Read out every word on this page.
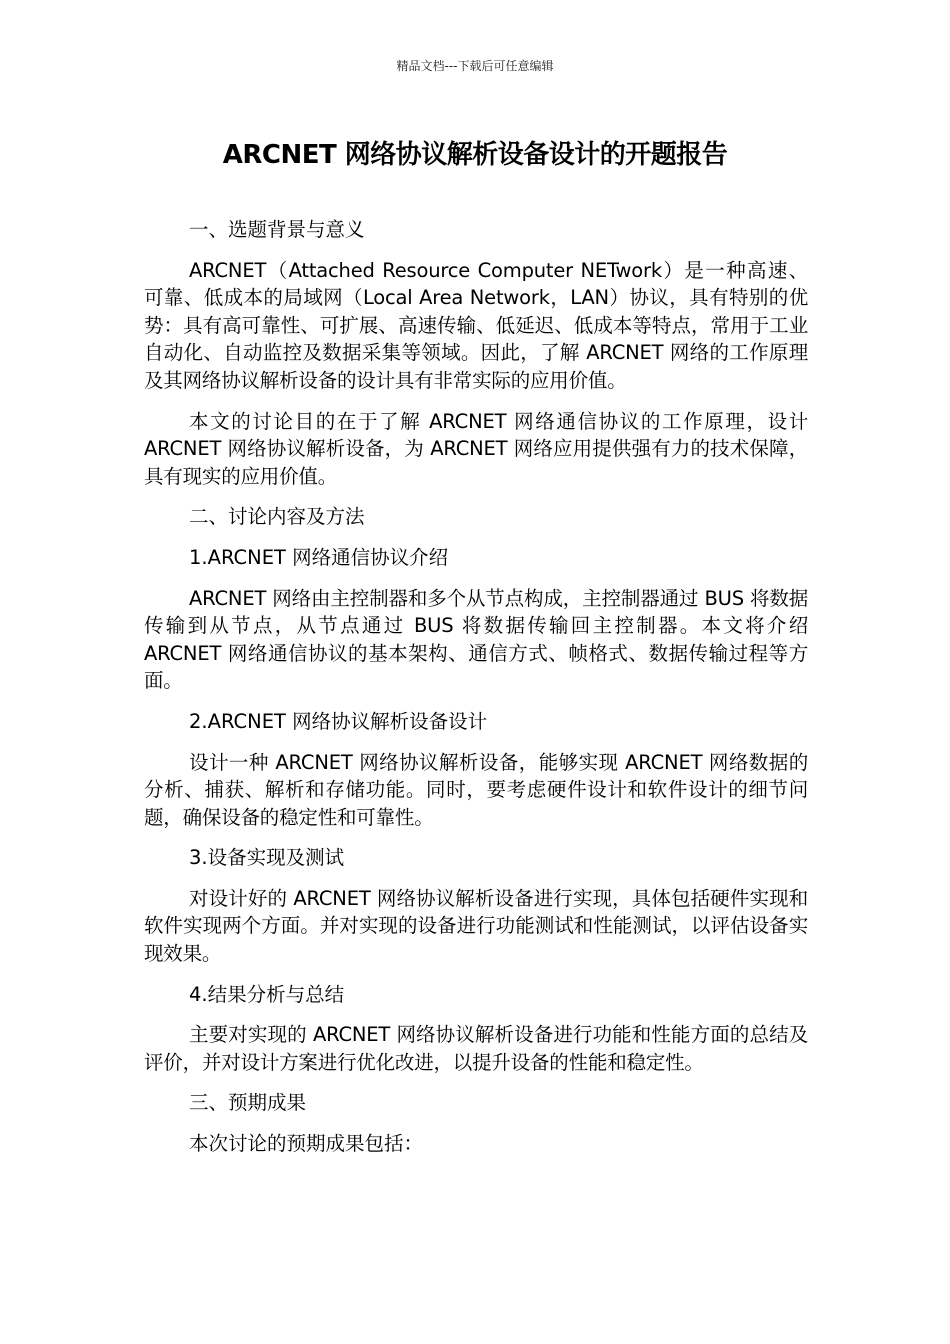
精品文档---下载后可任意编辑
ARCNET 网络协议解析设备设计的开题报告

一、选题背景与意义

ARCNET（Attached Resource Computer NETwork）是一种高速、可靠、低成本的局域网（Local Area Network，LAN）协议，具有特别的优势：具有高可靠性、可扩展、高速传输、低延迟、低成本等特点，常用于工业自动化、自动监控及数据采集等领域。因此，了解 ARCNET 网络的工作原理及其网络协议解析设备的设计具有非常实际的应用价值。

本文的讨论目的在于了解 ARCNET 网络通信协议的工作原理，设计 ARCNET 网络协议解析设备，为 ARCNET 网络应用提供强有力的技术保障，具有现实的应用价值。

二、讨论内容及方法

1.ARCNET 网络通信协议介绍

ARCNET 网络由主控制器和多个从节点构成，主控制器通过 BUS 将数据传输到从节点，从节点通过 BUS 将数据传输回主控制器。本文将介绍 ARCNET 网络通信协议的基本架构、通信方式、帧格式、数据传输过程等方面。

2.ARCNET 网络协议解析设备设计

设计一种 ARCNET 网络协议解析设备，能够实现 ARCNET 网络数据的分析、捕获、解析和存储功能。同时，要考虑硬件设计和软件设计的细节问题，确保设备的稳定性和可靠性。

3.设备实现及测试

对设计好的 ARCNET 网络协议解析设备进行实现，具体包括硬件实现和软件实现两个方面。并对实现的设备进行功能测试和性能测试，以评估设备实现效果。

4.结果分析与总结

主要对实现的 ARCNET 网络协议解析设备进行功能和性能方面的总结及评价，并对设计方案进行优化改进，以提升设备的性能和稳定性。

三、预期成果

本次讨论的预期成果包括：
